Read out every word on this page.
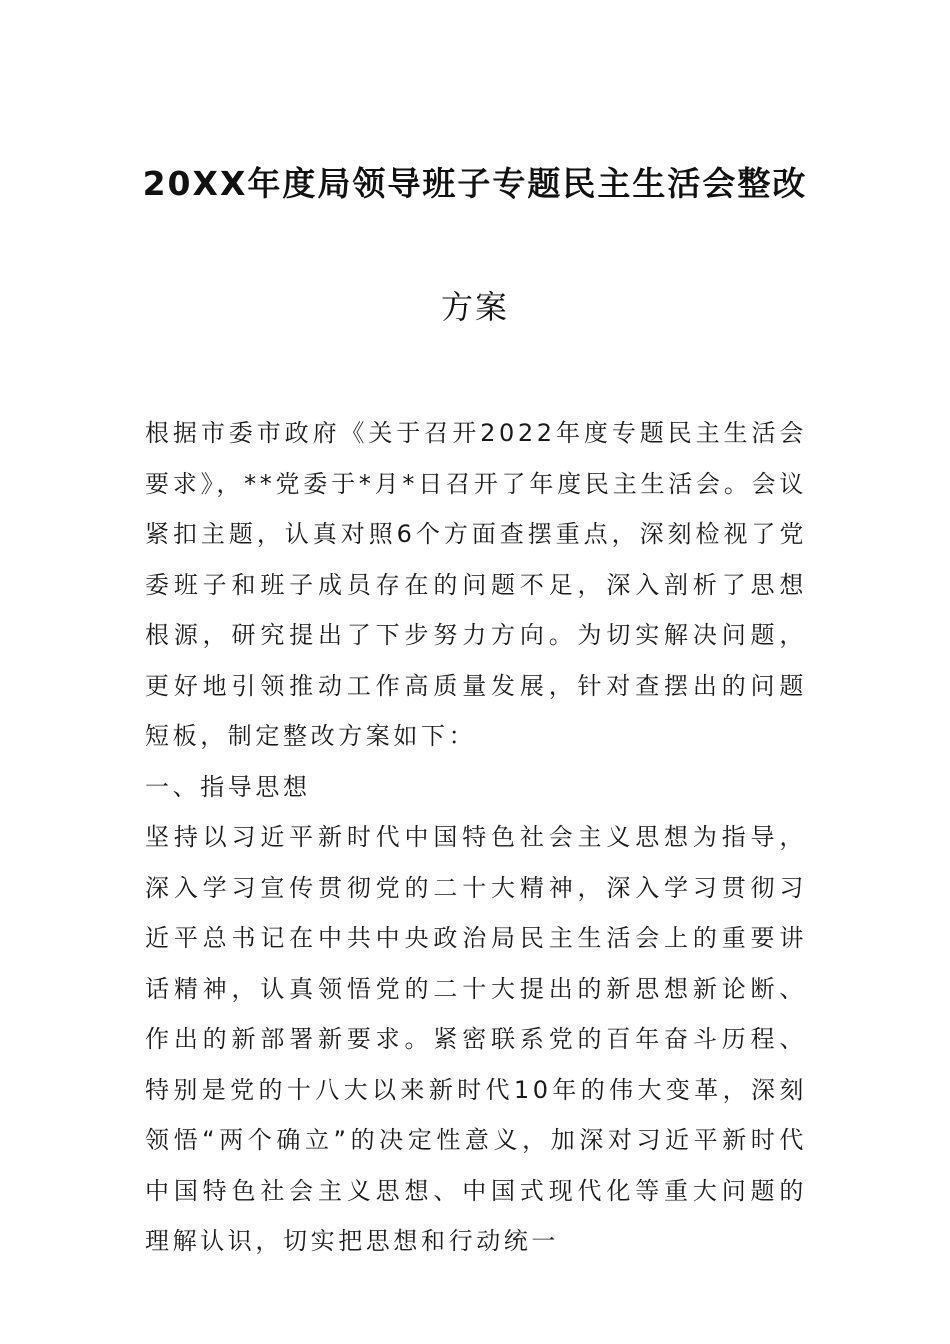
20XX年度局领导班子专题民主生活会整改
方案

根据市委市政府《关于召开2022年度专题民主生活会要求》，**党委于*月*日召开了年度民主生活会。会议紧扣主题，认真对照6个方面查摆重点，深刻检视了党委班子和班子成员存在的问题不足，深入剖析了思想根源，研究提出了下步努力方向。为切实解决问题，更好地引领推动工作高质量发展，针对查摆出的问题短板，制定整改方案如下：

一、指导思想

坚持以习近平新时代中国特色社会主义思想为指导，深入学习宣传贯彻党的二十大精神，深入学习贯彻习近平总书记在中共中央政治局民主生活会上的重要讲话精神，认真领悟党的二十大提出的新思想新论断、作出的新部署新要求。紧密联系党的百年奋斗历程、特别是党的十八大以来新时代10年的伟大变革，深刻领悟“两个确立”的决定性意义，加深对习近平新时代中国特色社会主义思想、中国式现代化等重大问题的理解认识，切实把思想和行动统一
